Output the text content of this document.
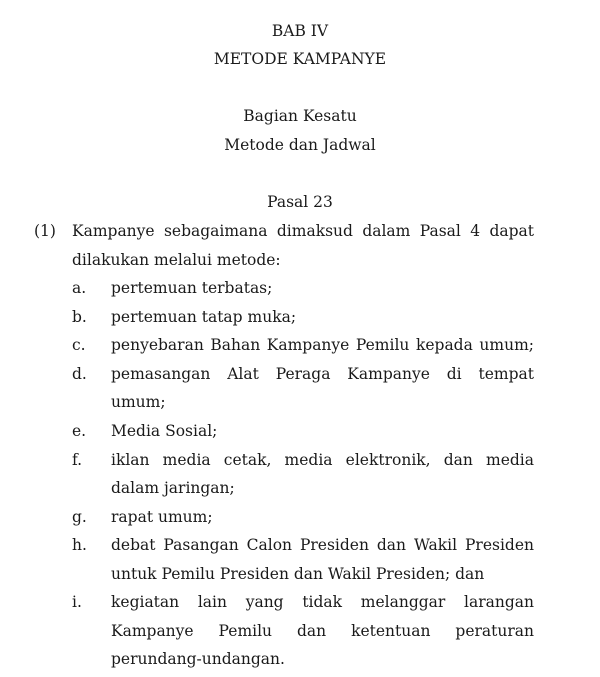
BAB IV
METODE KAMPANYE
Bagian Kesatu
Metode dan Jadwal
Pasal 23
(1) Kampanye sebagaimana dimaksud dalam Pasal 4 dapat
dilakukan melalui metode:
a. pertemuan terbatas;
b. pertemuan tatap muka;
c. penyebaran Bahan Kampanye Pemilu kepada umum;
d. pemasangan Alat Peraga Kampanye di tempat
umum;
e. Media Sosial;
f. iklan media cetak, media elektronik, dan media
dalam jaringan;
g. rapat umum;
h. debat Pasangan Calon Presiden dan Wakil Presiden
untuk Pemilu Presiden dan Wakil Presiden; dan
i. kegiatan lain yang tidak melanggar larangan
Kampanye Pemilu dan ketentuan peraturan
perundang-undangan.
